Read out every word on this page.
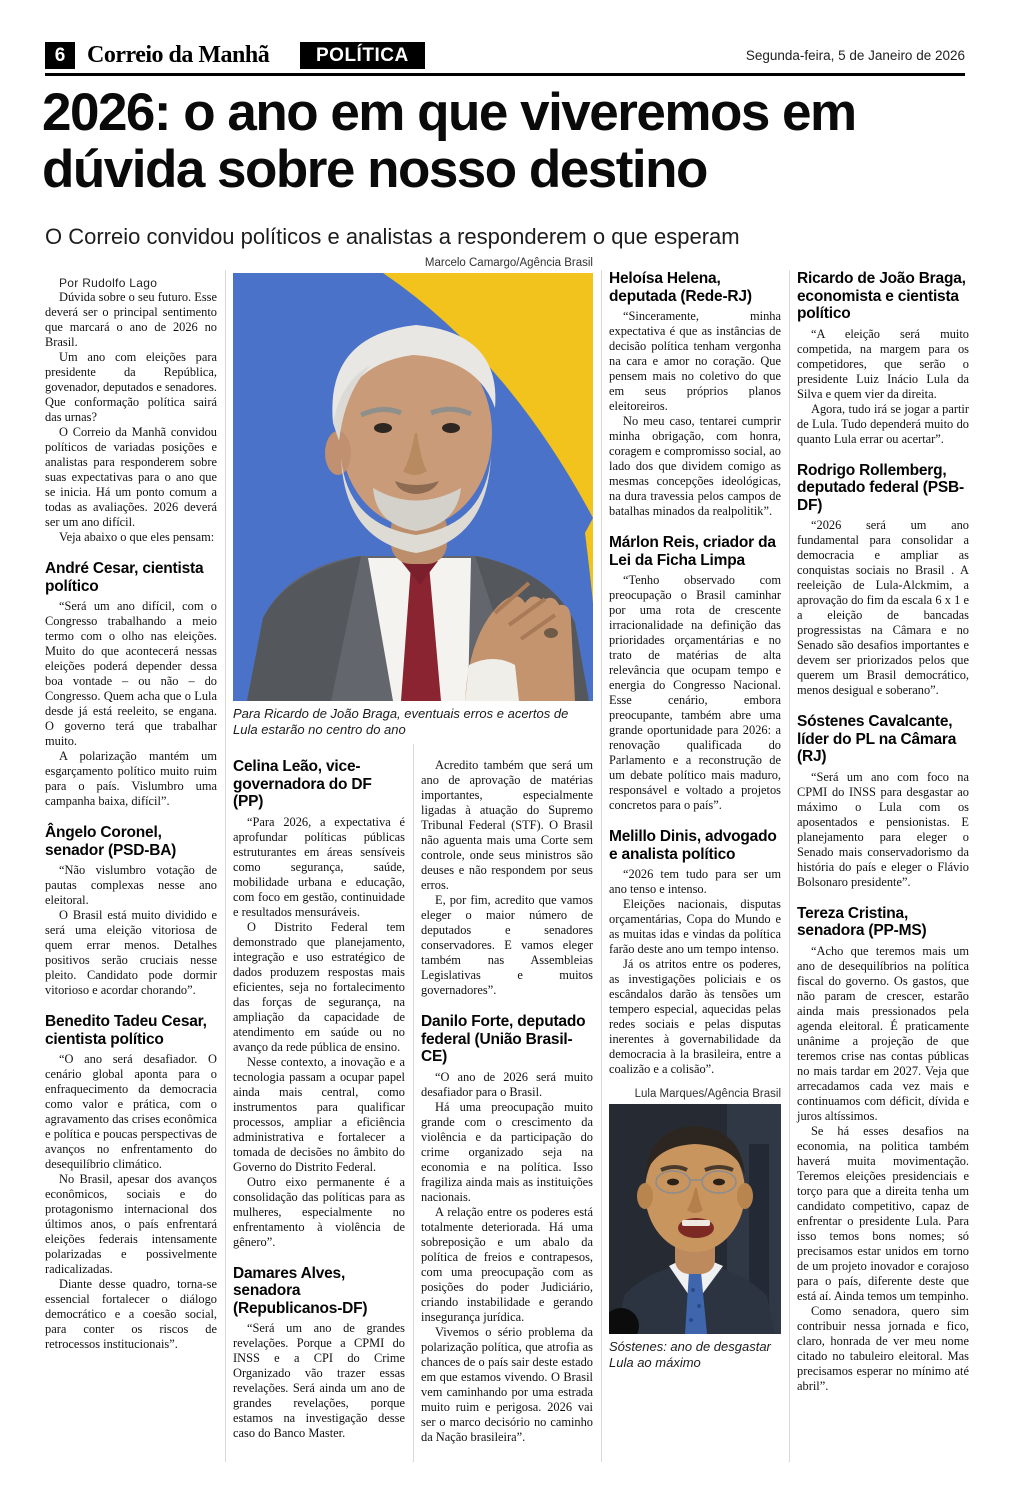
6 Correio da Manhã	POLÍTICA	Segunda-feira, 5 de Janeiro de 2026
2026: o ano em que viveremos em dúvida sobre nosso destino
O Correio convidou políticos e analistas a responderem o que esperam
Marcelo Camargo/Agência Brasil
Para Ricardo de João Braga, eventuais erros e acertos de Lula estarão no centro do ano

Por Rudolfo Lago

Dúvida sobre o seu futuro. Esse deverá ser o principal sentimento que marcará o ano de 2026 no Brasil.

Um ano com eleições para presidente da República, govenador, deputados e senadores. Que conformação política sairá das urnas?

O Correio da Manhã convidou políticos de variadas posições e analistas para responderem sobre suas expectativas para o ano que se inicia. Há um ponto comum a todas as avaliações. 2026 deverá ser um ano difícil.

Veja abaixo o que eles pensam:

André Cesar, cientista político

“Será um ano difícil, com o Congresso trabalhando a meio termo com o olho nas eleições. Muito do que acontecerá nessas eleições poderá depender dessa boa vontade – ou não – do Congresso. Quem acha que o Lula desde já está reeleito, se engana. O governo terá que trabalhar muito.

A polarização mantém um esgarçamento político muito ruim para o país. Vislumbro uma campanha baixa, difícil”.

Ângelo Coronel, senador (PSD-BA)

“Não vislumbro votação de pautas complexas nesse ano eleitoral.

O Brasil está muito dividido e será uma eleição vitoriosa de quem errar menos. Detalhes positivos serão cruciais nesse pleito. Candidato pode dormir vitorioso e acordar chorando”.

Benedito Tadeu Cesar, cientista político

“O ano será desafiador. O cenário global aponta para o enfraquecimento da democracia como valor e prática, com o agravamento das crises econômica e política e poucas perspectivas de avanços no enfrentamento do desequilíbrio climático.

No Brasil, apesar dos avanços econômicos, sociais e do protagonismo internacional dos últimos anos, o país enfrentará eleições federais intensamente polarizadas e possivelmente radicalizadas.

Diante desse quadro, torna-se essencial fortalecer o diálogo democrático e a coesão social, para conter os riscos de retrocessos institucionais”.

Celina Leão, vice-governadora do DF (PP)

“Para 2026, a expectativa é aprofundar políticas públicas estruturantes em áreas sensíveis como segurança, saúde, mobilidade urbana e educação, com foco em gestão, continuidade e resultados mensuráveis.

O Distrito Federal tem demonstrado que planejamento, integração e uso estratégico de dados produzem respostas mais eficientes, seja no fortalecimento das forças de segurança, na ampliação da capacidade de atendimento em saúde ou no avanço da rede pública de ensino.

Nesse contexto, a inovação e a tecnologia passam a ocupar papel ainda mais central, como instrumentos para qualificar processos, ampliar a eficiência administrativa e fortalecer a tomada de decisões no âmbito do Governo do Distrito Federal.

Outro eixo permanente é a consolidação das políticas para as mulheres, especialmente no enfrentamento à violência de gênero”.

Damares Alves, senadora (Republicanos-DF)

“Será um ano de grandes revelações. Porque a CPMI do INSS e a CPI do Crime Organizado vão trazer essas revelações. Será ainda um ano de grandes revelações, porque estamos na investigação desse caso do Banco Master.

Acredito também que será um ano de aprovação de matérias importantes, especialmente ligadas à atuação do Supremo Tribunal Federal (STF). O Brasil não aguenta mais uma Corte sem controle, onde seus ministros são deuses e não respondem por seus erros.

E, por fim, acredito que vamos eleger o maior número de deputados e senadores conservadores. E vamos eleger também nas Assembleias Legislativas e muitos governadores”.

Danilo Forte, deputado federal (União Brasil-CE)

“O ano de 2026 será muito desafiador para o Brasil.

Há uma preocupação muito grande com o crescimento da violência e da participação do crime organizado seja na economia e na política. Isso fragiliza ainda mais as instituições nacionais.

A relação entre os poderes está totalmente deteriorada. Há uma sobreposição e um abalo da política de freios e contrapesos, com uma preocupação com as posições do poder Judiciário, criando instabilidade e gerando insegurança jurídica.

Vivemos o sério problema da polarização política, que atrofia as chances de o país sair deste estado em que estamos vivendo. O Brasil vem caminhando por uma estrada muito ruim e perigosa. 2026 vai ser o marco decisório no caminho da Nação brasileira”.

Heloísa Helena, deputada (Rede-RJ)

“Sinceramente, minha expectativa é que as instâncias de decisão política tenham vergonha na cara e amor no coração. Que pensem mais no coletivo do que em seus próprios planos eleitoreiros.

No meu caso, tentarei cumprir minha obrigação, com honra, coragem e compromisso social, ao lado dos que dividem comigo as mesmas concepções ideológicas, na dura travessia pelos campos de batalhas minados da realpolitik”.

Márlon Reis, criador da Lei da Ficha Limpa

“Tenho observado com preocupação o Brasil caminhar por uma rota de crescente irracionalidade na definição das prioridades orçamentárias e no trato de matérias de alta relevância que ocupam tempo e energia do Congresso Nacional. Esse cenário, embora preocupante, também abre uma grande oportunidade para 2026: a renovação qualificada do Parlamento e a reconstrução de um debate político mais maduro, responsável e voltado a projetos concretos para o país”.

Melillo Dinis, advogado e analista político

“2026 tem tudo para ser um ano tenso e intenso.

Eleições nacionais, disputas orçamentárias, Copa do Mundo e as muitas idas e vindas da política farão deste ano um tempo intenso.

Já os atritos entre os poderes, as investigações policiais e os escândalos darão às tensões um tempero especial, aquecidas pelas redes sociais e pelas disputas inerentes à governabilidade da democracia à la brasileira, entre a coalizão e a colisão”.

Lula Marques/Agência Brasil
Sóstenes: ano de desgastar Lula ao máximo
Ricardo de João Braga, economista e cientista político

“A eleição será muito competida, na margem para os competidores, que serão o presidente Luiz Inácio Lula da Silva e quem vier da direita.

Agora, tudo irá se jogar a partir de Lula. Tudo dependerá muito do quanto Lula errar ou acertar”.

Rodrigo Rollemberg, deputado federal (PSB-DF)

“2026 será um ano fundamental para consolidar a democracia e ampliar as conquistas sociais no Brasil . A reeleição de Lula-Alckmim, a aprovação do fim da escala 6 x 1 e a eleição de bancadas progressistas na Câmara e no Senado são desafios importantes e devem ser priorizados pelos que querem um Brasil democrático, menos desigual e soberano”.

Sóstenes Cavalcante, líder do PL na Câmara (RJ)

“Será um ano com foco na CPMI do INSS para desgastar ao máximo o Lula com os aposentados e pensionistas. E planejamento para eleger o Senado mais conservadorismo da história do país e eleger o Flávio Bolsonaro presidente”.

Tereza Cristina, senadora (PP-MS)

“Acho que teremos mais um ano de desequilíbrios na política fiscal do governo. Os gastos, que não param de crescer, estarão ainda mais pressionados pela agenda eleitoral. É praticamente unânime a projeção de que teremos crise nas contas públicas no mais tardar em 2027. Veja que arrecadamos cada vez mais e continuamos com déficit, dívida e juros altíssimos.

Se há esses desafios na economia, na politica também haverá muita movimentação. Teremos eleições presidenciais e torço para que a direita tenha um candidato competitivo, capaz de enfrentar o presidente Lula. Para isso temos bons nomes; só precisamos estar unidos em torno de um projeto inovador e corajoso para o país, diferente deste que está aí. Ainda temos um tempinho.

Como senadora, quero sim contribuir nessa jornada e fico, claro, honrada de ver meu nome citado no tabuleiro eleitoral. Mas precisamos esperar no mínimo até abril”.
